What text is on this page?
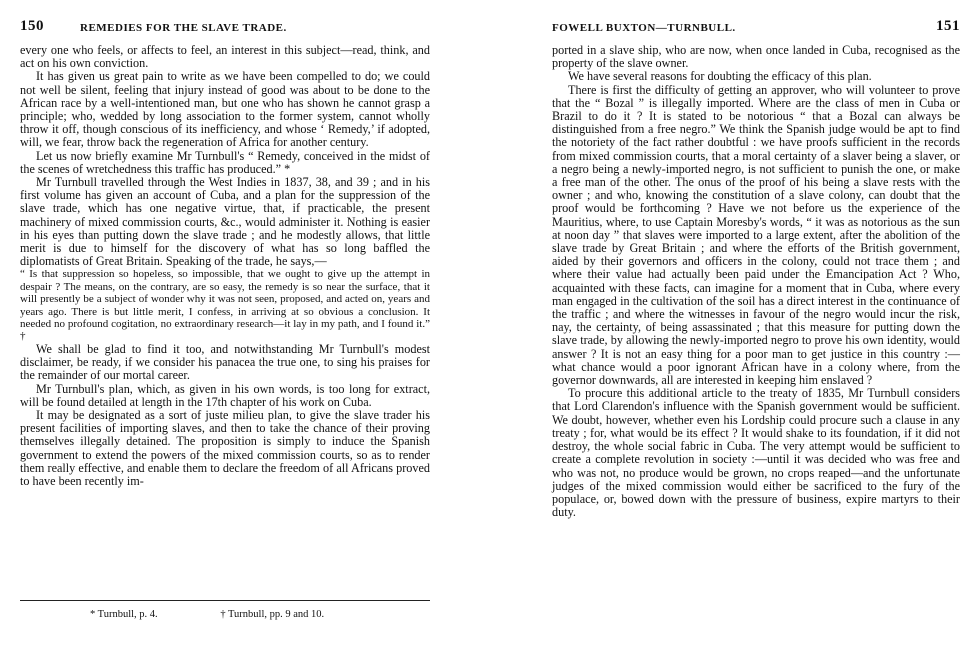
150	REMEDIES FOR THE SLAVE TRADE.

every one who feels, or affects to feel, an interest in this subject—read, think, and act on his own conviction.

It has given us great pain to write as we have been compelled to do; we could not well be silent, feeling that injury instead of good was about to be done to the African race by a well-intentioned man, but one who has shown he cannot grasp a principle; who, wedded by long association to the former system, cannot wholly throw it off, though conscious of its inefficiency, and whose ‘ Remedy,’ if adopted, will, we fear, throw back the regeneration of Africa for another century.

Let us now briefly examine Mr Turnbull's “ Remedy, conceived in the midst of the scenes of wretchedness this traffic has produced.” *

Mr Turnbull travelled through the West Indies in 1837, 38, and 39 ; and in his first volume has given an account of Cuba, and a plan for the suppression of the slave trade, which has one negative virtue, that, if practicable, the present machinery of mixed commission courts, &c., would administer it. Nothing is easier in his eyes than putting down the slave trade ; and he modestly allows, that little merit is due to himself for the discovery of what has so long baffled the diplomatists of Great Britain. Speaking of the trade, he says,—

“ Is that suppression so hopeless, so impossible, that we ought to give up the attempt in despair ? The means, on the contrary, are so easy, the remedy is so near the surface, that it will presently be a subject of wonder why it was not seen, proposed, and acted on, years and years ago. There is but little merit, I confess, in arriving at so obvious a conclusion. It needed no profound cogitation, no extraordinary research—it lay in my path, and I found it.” †

We shall be glad to find it too, and notwithstanding Mr Turnbull's modest disclaimer, be ready, if we consider his panacea the true one, to sing his praises for the remainder of our mortal career.

Mr Turnbull's plan, which, as given in his own words, is too long for extract, will be found detailed at length in the 17th chapter of his work on Cuba.

It may be designated as a sort of juste milieu plan, to give the slave trader his present facilities of importing slaves, and then to take the chance of their proving themselves illegally detained. The proposition is simply to induce the Spanish government to extend the powers of the mixed commission courts, so as to render them really effective, and enable them to declare the freedom of all Africans proved to have been recently im-

* Turnbull, p. 4.	† Turnbull, pp. 9 and 10.
FOWELL BUXTON—TURNBULL.	151

ported in a slave ship, who are now, when once landed in Cuba, recognised as the property of the slave owner.

We have several reasons for doubting the efficacy of this plan.

There is first the difficulty of getting an approver, who will volunteer to prove that the “ Bozal ” is illegally imported. Where are the class of men in Cuba or Brazil to do it ? It is stated to be notorious “ that a Bozal can always be distinguished from a free negro.” We think the Spanish judge would be apt to find the notoriety of the fact rather doubtful : we have proofs sufficient in the records from mixed commission courts, that a moral certainty of a slaver being a slaver, or a negro being a newly-imported negro, is not sufficient to punish the one, or make a free man of the other. The onus of the proof of his being a slave rests with the owner ; and who, knowing the constitution of a slave colony, can doubt that the proof would be forthcoming ? Have we not before us the experience of the Mauritius, where, to use Captain Moresby's words, “ it was as notorious as the sun at noon day ” that slaves were imported to a large extent, after the abolition of the slave trade by Great Britain ; and where the efforts of the British government, aided by their governors and officers in the colony, could not trace them ; and where their value had actually been paid under the Emancipation Act ? Who, acquainted with these facts, can imagine for a moment that in Cuba, where every man engaged in the cultivation of the soil has a direct interest in the continuance of the traffic ; and where the witnesses in favour of the negro would incur the risk, nay, the certainty, of being assassinated ; that this measure for putting down the slave trade, by allowing the newly-imported negro to prove his own identity, would answer ? It is not an easy thing for a poor man to get justice in this country :— what chance would a poor ignorant African have in a colony where, from the governor downwards, all are interested in keeping him enslaved ?

To procure this additional article to the treaty of 1835, Mr Turnbull considers that Lord Clarendon's influence with the Spanish government would be sufficient. We doubt, however, whether even his Lordship could procure such a clause in any treaty ; for, what would be its effect ? It would shake to its foundation, if it did not destroy, the whole social fabric in Cuba. The very attempt would be sufficient to create a complete revolution in society :—until it was decided who was free and who was not, no produce would be grown, no crops reaped—and the unfortunate judges of the mixed commission would either be sacrificed to the fury of the populace, or, bowed down with the pressure of business, expire martyrs to their duty.
